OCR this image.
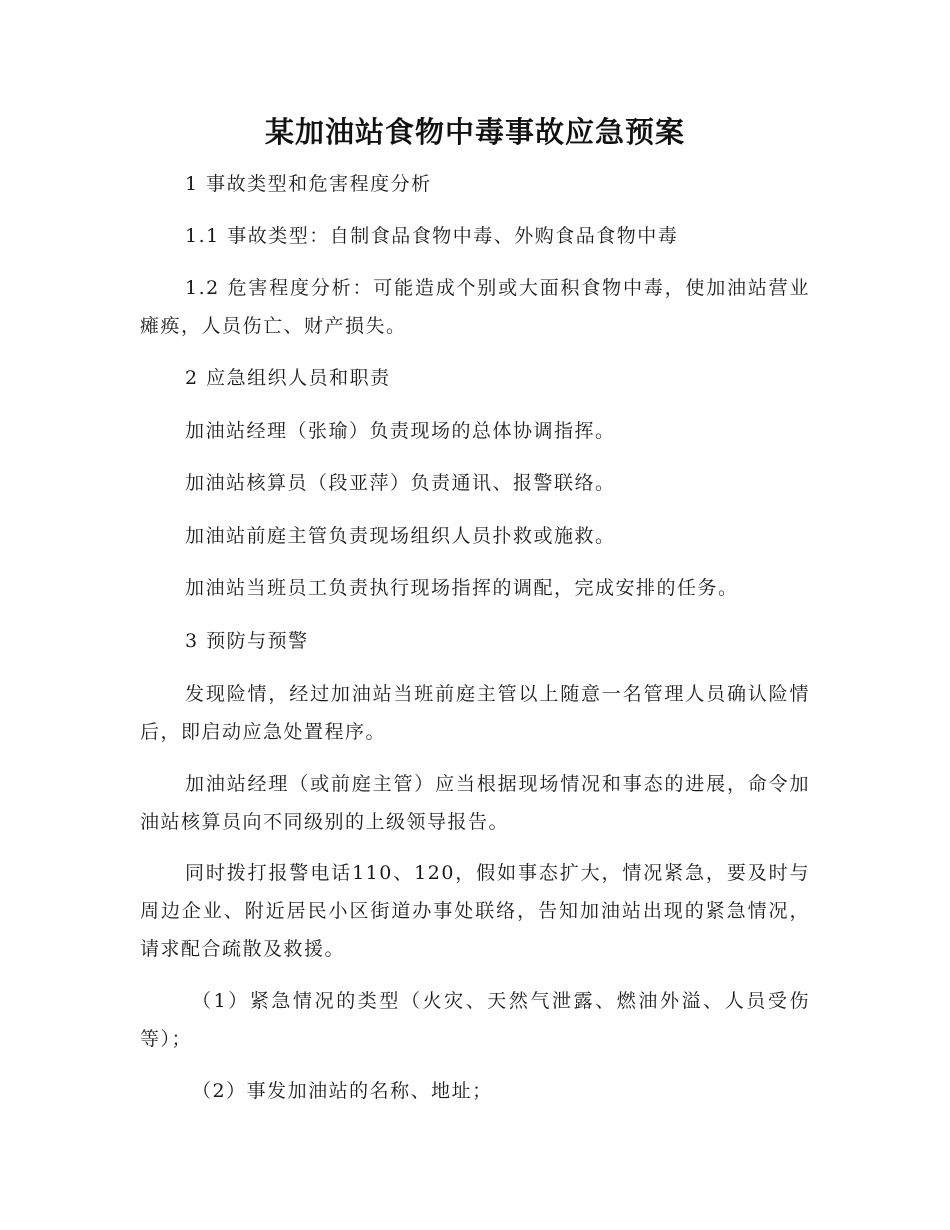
某加油站食物中毒事故应急预案

1 事故类型和危害程度分析

1.1 事故类型：自制食品食物中毒、外购食品食物中毒

1.2 危害程度分析：可能造成个别或大面积食物中毒，使加油站营业瘫痪，人员伤亡、财产损失。

2 应急组织人员和职责

加油站经理（张瑜）负责现场的总体协调指挥。

加油站核算员（段亚萍）负责通讯、报警联络。

加油站前庭主管负责现场组织人员扑救或施救。

加油站当班员工负责执行现场指挥的调配，完成安排的任务。

3 预防与预警

发现险情，经过加油站当班前庭主管以上随意一名管理人员确认险情后，即启动应急处置程序。

加油站经理（或前庭主管）应当根据现场情况和事态的进展，命令加油站核算员向不同级别的上级领导报告。

同时拨打报警电话110、120，假如事态扩大，情况紧急，要及时与周边企业、附近居民小区街道办事处联络，告知加油站出现的紧急情况，请求配合疏散及救援。

（1）紧急情况的类型（火灾、天然气泄露、燃油外溢、人员受伤等）；

（2）事发加油站的名称、地址；
